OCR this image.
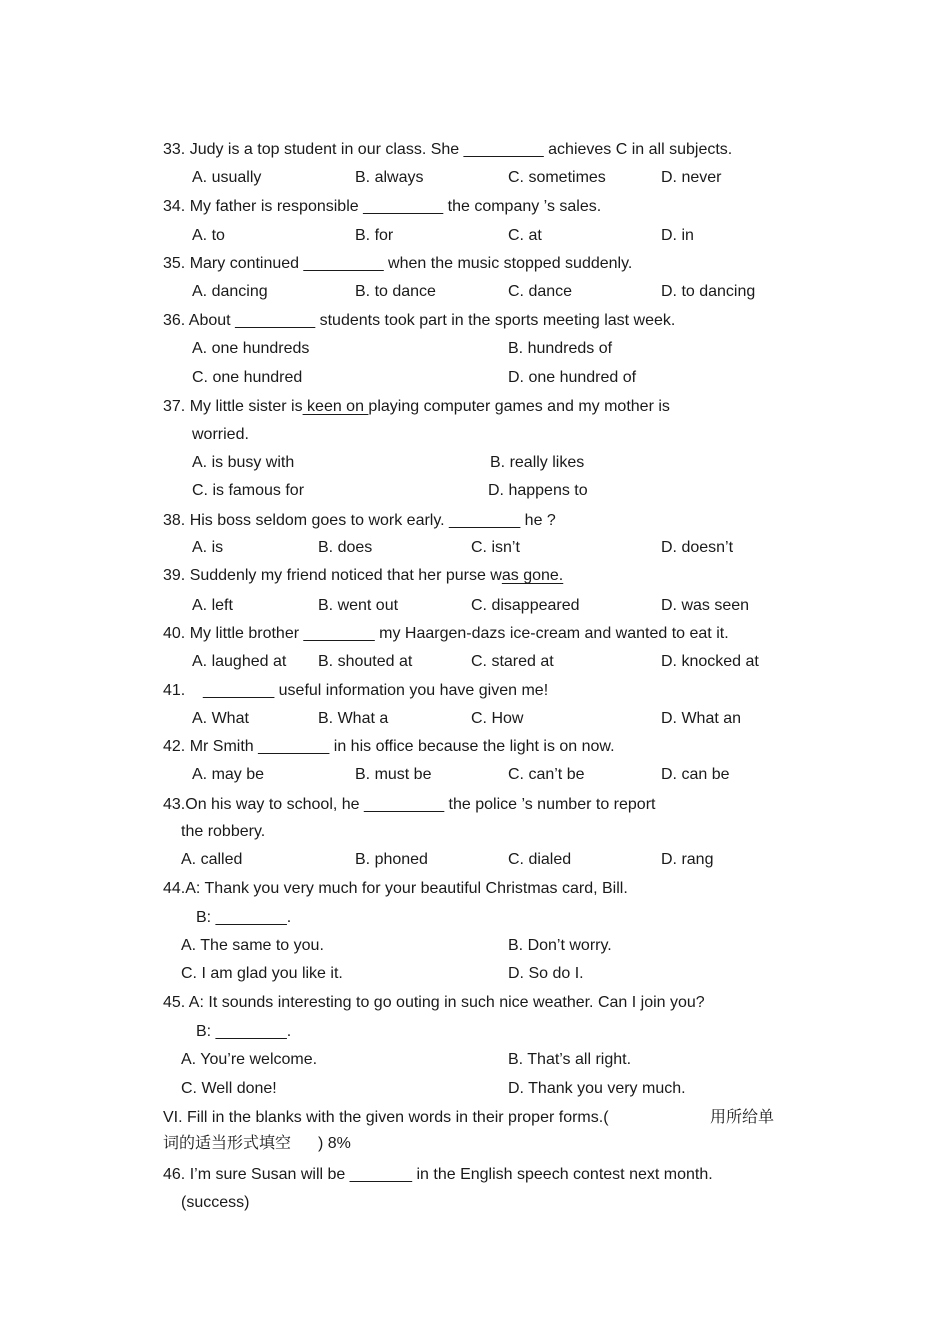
33. Judy is a top student in our class. She _________ achieves C in all subjects.
A. usually	B. always	C. sometimes	D. never
34. My father is responsible _________ the company ’s sales.
A. to	B. for	C. at	D. in
35. Mary continued _________ when the music stopped suddenly.
A. dancing	B. to dance	C. dance	D. to dancing
36. About _________ students took part in the sports meeting last week.
A. one hundreds	B. hundreds of
C. one hundred	D. one hundred of
37. My little sister is keen on playing computer games and my mother is
worried.
A. is busy with	B. really likes
C. is famous for	D. happens to
38. His boss seldom goes to work early. ________ he ?
A. is	B. does	C. isn’t	D. doesn’t
39. Suddenly my friend noticed that her purse was gone.
A. left	B. went out	C. disappeared	D. was seen
40. My little brother ________ my Haargen-dazs ice-cream and wanted to eat it.
A. laughed at B. shouted at	C. stared at	D. knocked at
41.    ________ useful information you have given me!
A. What	B. What a	C. How	D. What an
42. Mr Smith ________ in his office because the light is on now.
A. may be	B. must be	C. can’t be	D. can be
43.On his way to school, he _________ the police ’s number to report
the robbery.
A. called	B. phoned	C. dialed	D. rang
44.A: Thank you very much for your beautiful Christmas card, Bill.
B: ________.
A. The same to you.	B. Don’t worry.
C. I am glad you like it.	D. So do I.
45. A: It sounds interesting to go outing in such nice weather. Can I join you?
B: ________.
A. You’re welcome.	B. That’s all right.
C. Well done!	D. Thank you very much.
VI. Fill in the blanks with the given words in their proper forms.(	用所给单
词的适当形式填空 ) 8%
46. I’m sure Susan will be _______ in the English speech contest next month.
(success)
